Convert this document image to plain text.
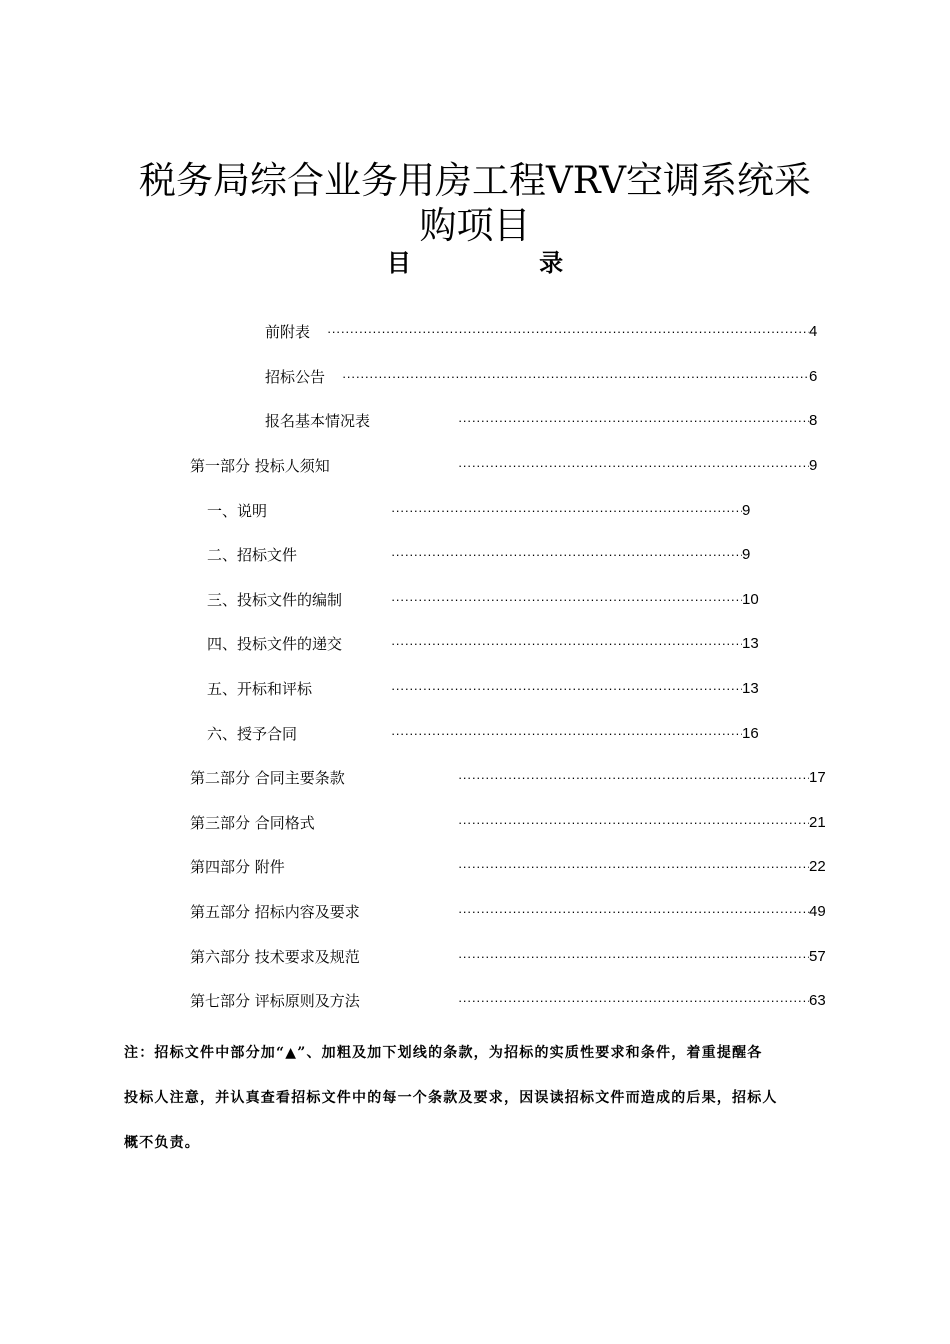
税务局综合业务用房工程VRV空调系统采
购项目
目 录
前附表 ·····	4
招标公告 ·····	6
报名基本情况表 ·····	8
第一部分 投标人须知 ·····	9
一、说明 ·····	9
二、招标文件 ·····	9
三、投标文件的编制 ·····	10
四、投标文件的递交 ·····	13
五、开标和评标 ·····	13
六、授予合同 ·····	16
第二部分 合同主要条款 ·····	17
第三部分 合同格式 ·····	21
第四部分 附件 ·····	22
第五部分 招标内容及要求 ·····	49
第六部分 技术要求及规范 ·····	57
第七部分 评标原则及方法 ·····	63
注：招标文件中部分加“▲”、加粗及加下划线的条款，为招标的实质性要求和条件，着重提醒各
投标人注意，并认真查看招标文件中的每一个条款及要求，因误读招标文件而造成的后果，招标人
概不负责。
